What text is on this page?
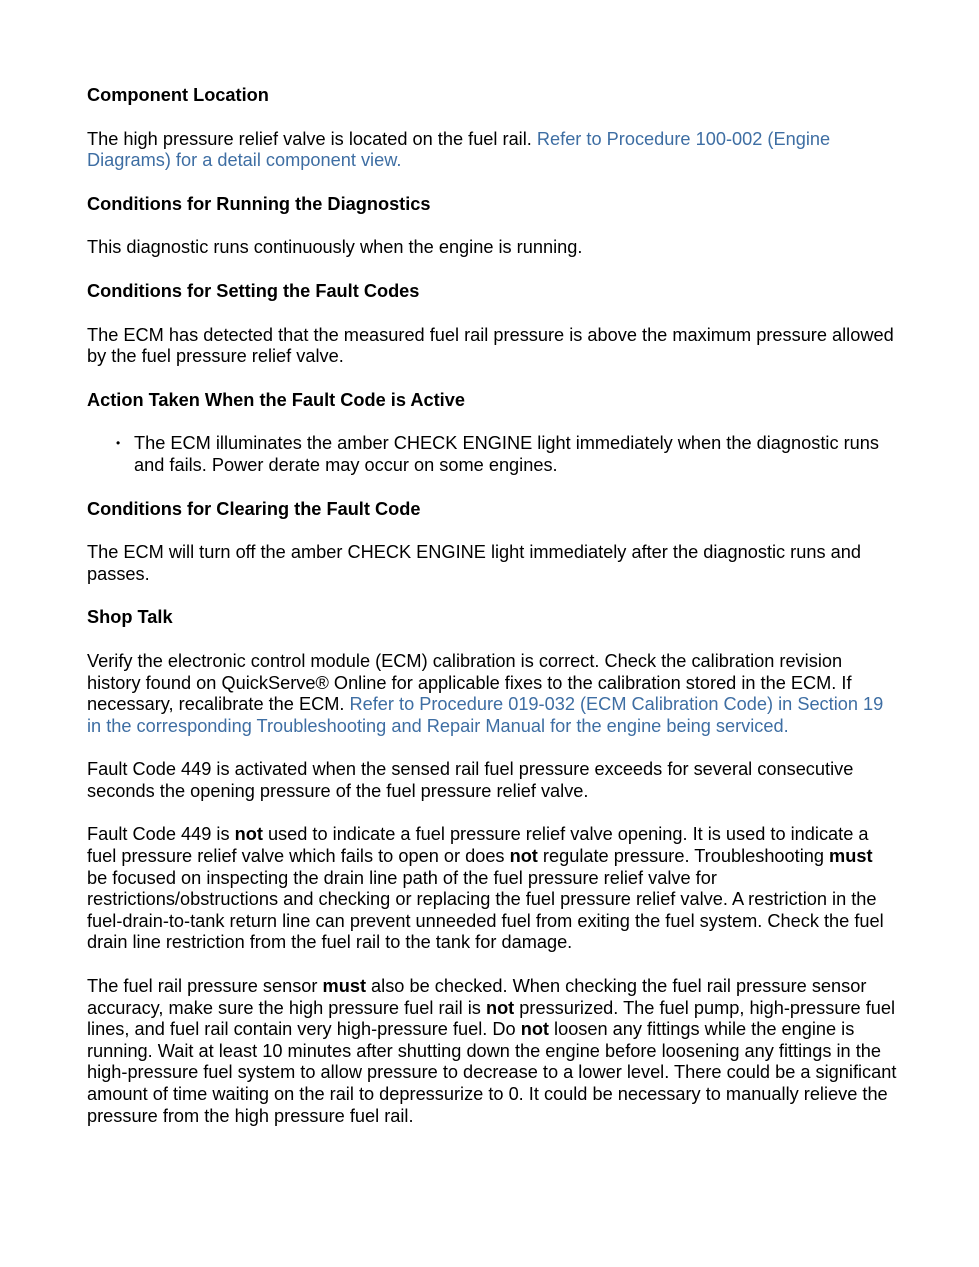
Component Location
The high pressure relief valve is located on the fuel rail. Refer to Procedure 100-002 (Engine Diagrams) for a detail component view.
Conditions for Running the Diagnostics
This diagnostic runs continuously when the engine is running.
Conditions for Setting the Fault Codes
The ECM has detected that the measured fuel rail pressure is above the maximum pressure allowed by the fuel pressure relief valve.
Action Taken When the Fault Code is Active
• The ECM illuminates the amber CHECK ENGINE light immediately when the diagnostic runs and fails. Power derate may occur on some engines.
Conditions for Clearing the Fault Code
The ECM will turn off the amber CHECK ENGINE light immediately after the diagnostic runs and passes.
Shop Talk
Verify the electronic control module (ECM) calibration is correct. Check the calibration revision history found on QuickServe® Online for applicable fixes to the calibration stored in the ECM. If necessary, recalibrate the ECM. Refer to Procedure 019-032 (ECM Calibration Code) in Section 19 in the corresponding Troubleshooting and Repair Manual for the engine being serviced.
Fault Code 449 is activated when the sensed rail fuel pressure exceeds for several consecutive seconds the opening pressure of the fuel pressure relief valve.
Fault Code 449 is not used to indicate a fuel pressure relief valve opening. It is used to indicate a fuel pressure relief valve which fails to open or does not regulate pressure. Troubleshooting must be focused on inspecting the drain line path of the fuel pressure relief valve for restrictions/obstructions and checking or replacing the fuel pressure relief valve. A restriction in the fuel-drain-to-tank return line can prevent unneeded fuel from exiting the fuel system. Check the fuel drain line restriction from the fuel rail to the tank for damage.
The fuel rail pressure sensor must also be checked. When checking the fuel rail pressure sensor accuracy, make sure the high pressure fuel rail is not pressurized. The fuel pump, high-pressure fuel lines, and fuel rail contain very high-pressure fuel. Do not loosen any fittings while the engine is running. Wait at least 10 minutes after shutting down the engine before loosening any fittings in the high-pressure fuel system to allow pressure to decrease to a lower level. There could be a significant amount of time waiting on the rail to depressurize to 0. It could be necessary to manually relieve the pressure from the high pressure fuel rail.
